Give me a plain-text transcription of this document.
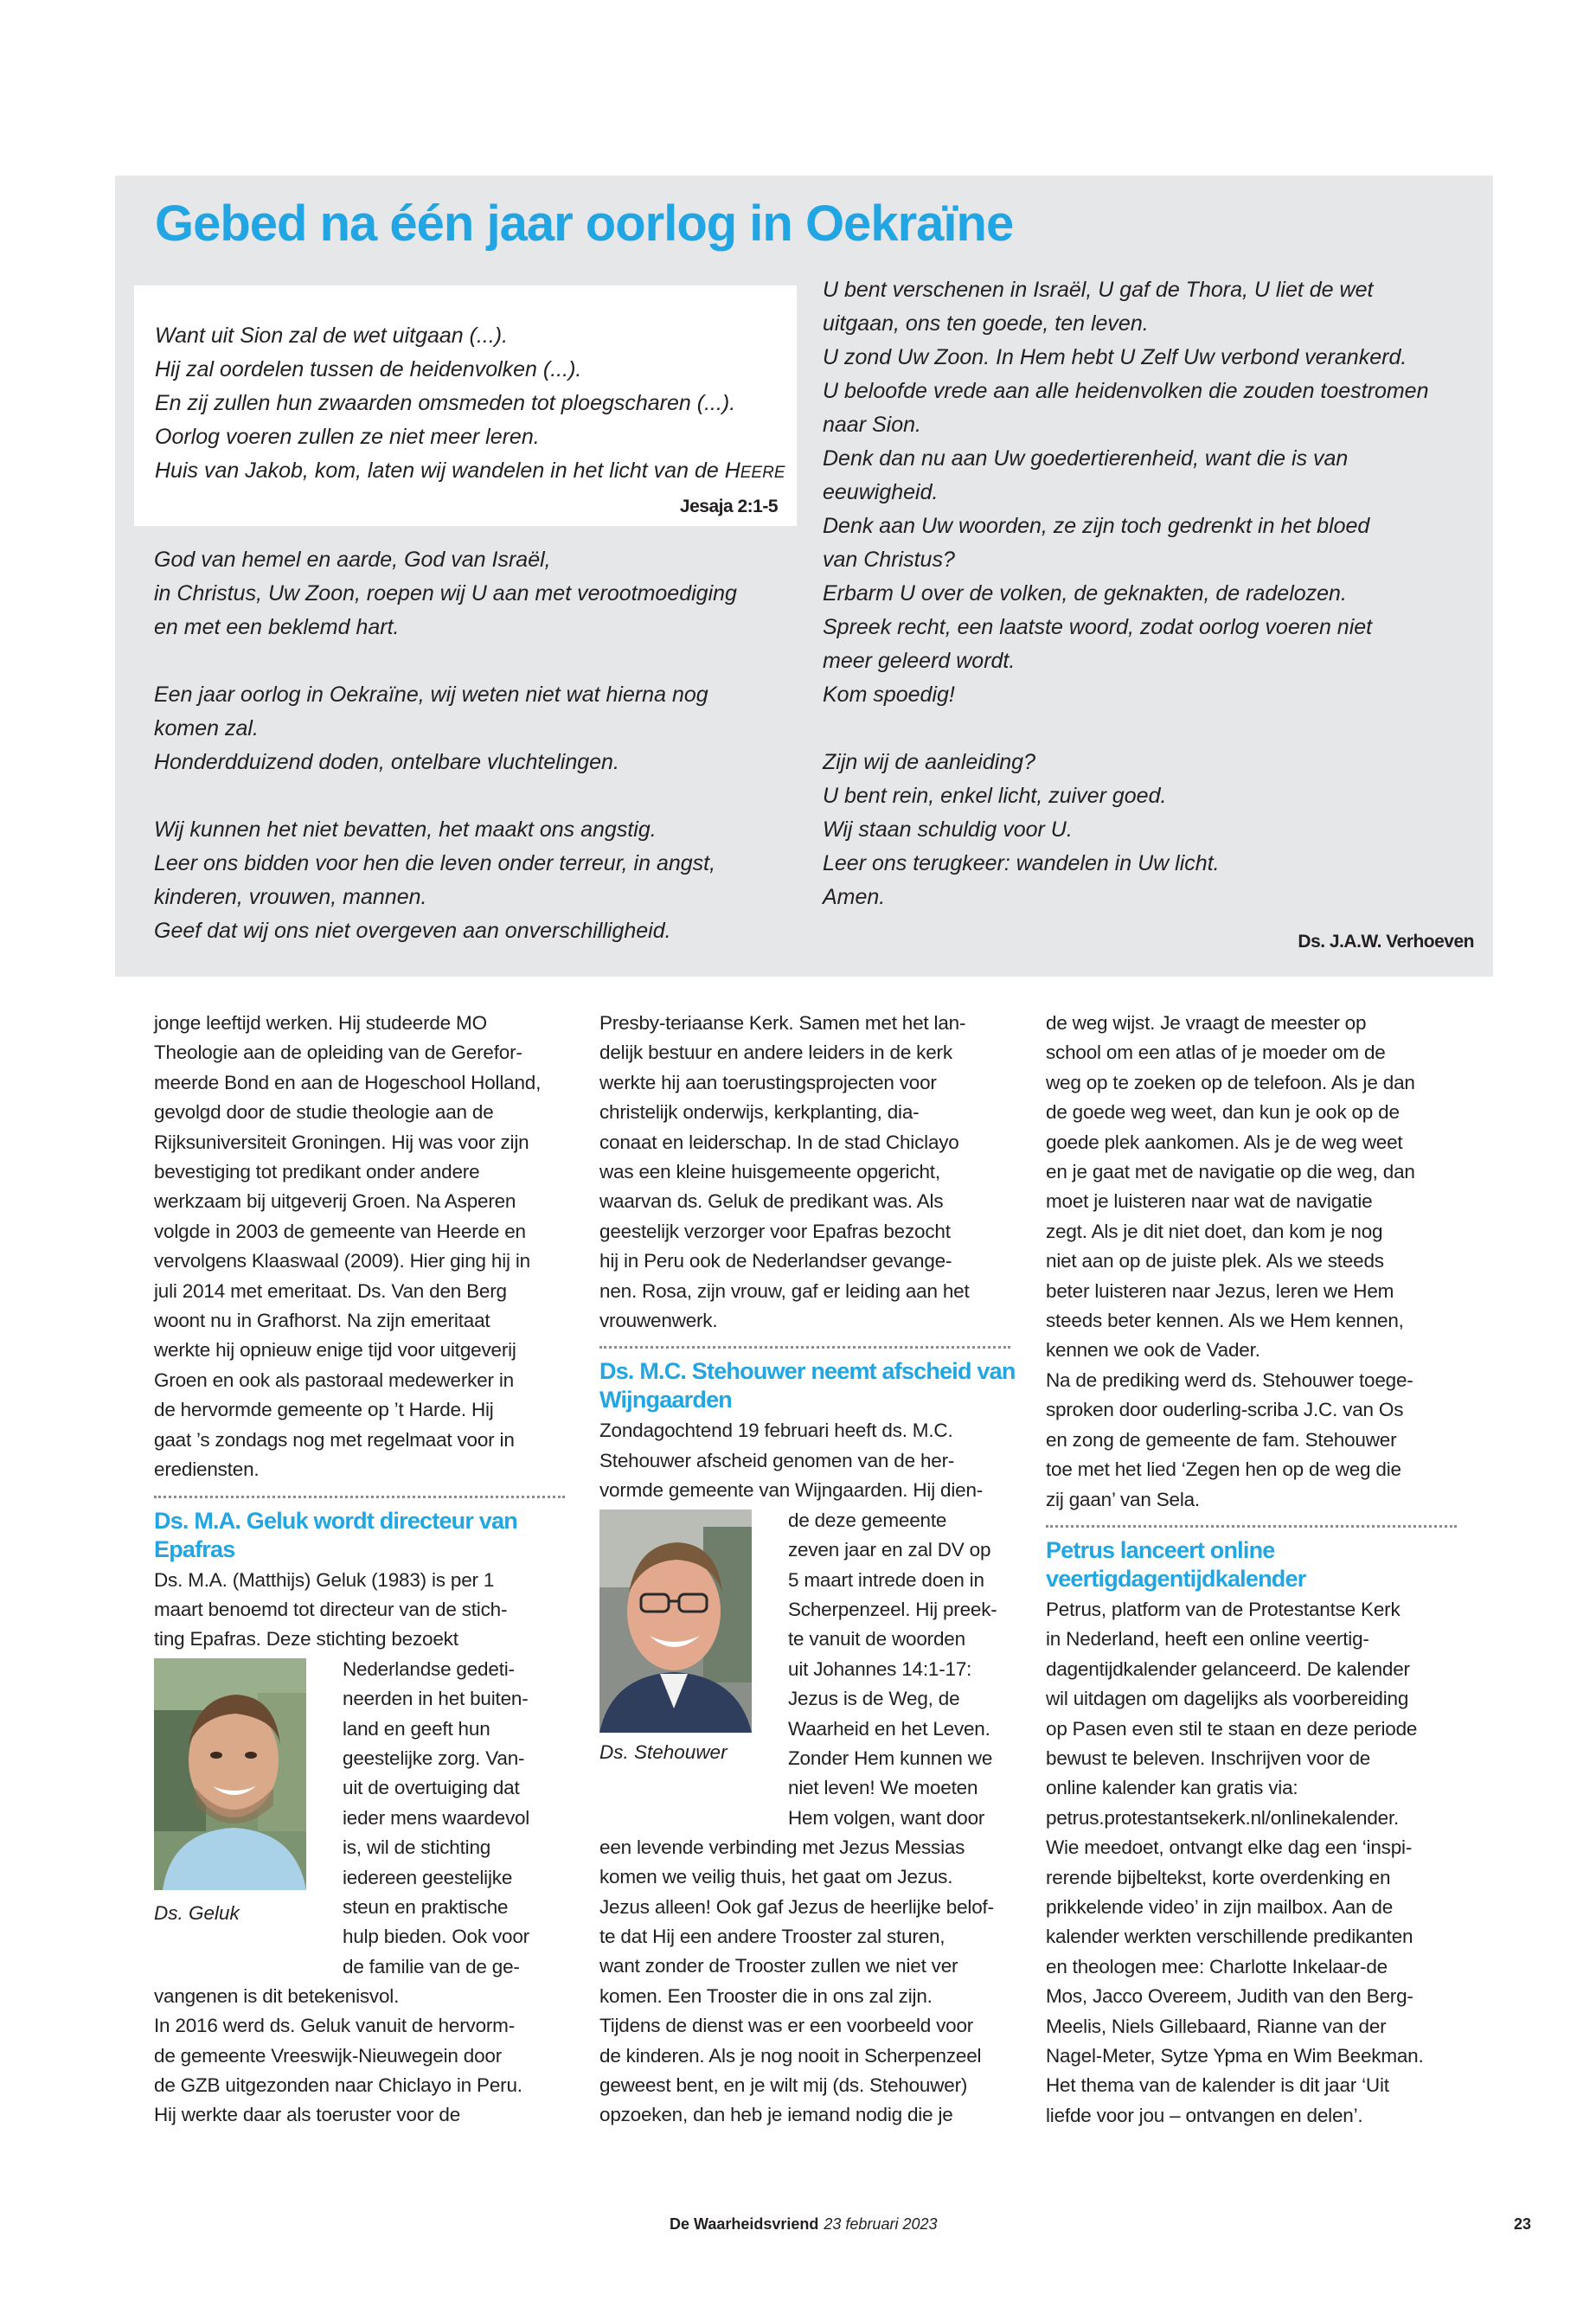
Gebed na één jaar oorlog in Oekraïne
Want uit Sion zal de wet uitgaan (...).
Hij zal oordelen tussen de heidenvolken (...).
En zij zullen hun zwaarden omsmeden tot ploegscharen (...).
Oorlog voeren zullen ze niet meer leren.
Huis van Jakob, kom, laten wij wandelen in het licht van de HEERE
Jesaja 2:1-5
God van hemel en aarde, God van Israël,
in Christus, Uw Zoon, roepen wij U aan met verootmoediging
en met een beklemd hart.
Een jaar oorlog in Oekraïne, wij weten niet wat hierna nog
komen zal.
Honderdduizend doden, ontelbare vluchtelingen.
Wij kunnen het niet bevatten, het maakt ons angstig.
Leer ons bidden voor hen die leven onder terreur, in angst,
kinderen, vrouwen, mannen.
Geef dat wij ons niet overgeven aan onverschilligheid.
U bent verschenen in Israël, U gaf de Thora, U liet de wet
uitgaan, ons ten goede, ten leven.
U zond Uw Zoon. In Hem hebt U Zelf Uw verbond verankerd.
U beloofde vrede aan alle heidenvolken die zouden toestromen
naar Sion.
Denk dan nu aan Uw goedertierenheid, want die is van
eeuwigheid.
Denk aan Uw woorden, ze zijn toch gedrenkt in het bloed
van Christus?
Erbarm U over de volken, de geknakten, de radelozen.
Spreek recht, een laatste woord, zodat oorlog voeren niet
meer geleerd wordt.
Kom spoedig!
Zijn wij de aanleiding?
U bent rein, enkel licht, zuiver goed.
Wij staan schuldig voor U.
Leer ons terugkeer: wandelen in Uw licht.
Amen.
Ds. J.A.W. Verhoeven

jonge leeftijd werken. Hij studeerde MO
Theologie aan de opleiding van de Gerefor-
meerde Bond en aan de Hogeschool Holland,
gevolgd door de studie theologie aan de
Rijksuniversiteit Groningen. Hij was voor zijn
bevestiging tot predikant onder andere
werkzaam bij uitgeverij Groen. Na Asperen
volgde in 2003 de gemeente van Heerde en
vervolgens Klaaswaal (2009). Hier ging hij in
juli 2014 met emeritaat. Ds. Van den Berg
woont nu in Grafhorst. Na zijn emeritaat
werkte hij opnieuw enige tijd voor uitgeverij
Groen en ook als pastoraal medewerker in
de hervormde gemeente op ’t Harde. Hij
gaat ’s zondags nog met regelmaat voor in
erediensten.

Ds. M.A. Geluk wordt directeur van
Epafras

Ds. M.A. (Matthijs) Geluk (1983) is per 1
maart benoemd tot directeur van de stich-
ting Epafras. Deze stichting bezoekt

Ds. Geluk

Nederlandse gedeti-
neerden in het buiten-
land en geeft hun
geestelijke zorg. Van-
uit de overtuiging dat
ieder mens waardevol
is, wil de stichting
iedereen geestelijke
steun en praktische
hulp bieden. Ook voor
de familie van de ge-

vangenen is dit betekenisvol.
In 2016 werd ds. Geluk vanuit de hervorm-
de gemeente Vreeswijk-Nieuwegein door
de GZB uitgezonden naar Chiclayo in Peru.
Hij werkte daar als toeruster voor de

Presby-teriaanse Kerk. Samen met het lan-
delijk bestuur en andere leiders in de kerk
werkte hij aan toerustingsprojecten voor
christelijk onderwijs, kerkplanting, dia-
conaat en leiderschap. In de stad Chiclayo
was een kleine huisgemeente opgericht,
waarvan ds. Geluk de predikant was. Als
geestelijk verzorger voor Epafras bezocht
hij in Peru ook de Nederlandser gevange-
nen. Rosa, zijn vrouw, gaf er leiding aan het
vrouwenwerk.

Ds. M.C. Stehouwer neemt afscheid van
Wijngaarden

Zondagochtend 19 februari heeft ds. M.C.
Stehouwer afscheid genomen van de her-
vormde gemeente van Wijngaarden. Hij dien-

Ds. Stehouwer

de deze gemeente
zeven jaar en zal DV op
5 maart intrede doen in
Scherpenzeel. Hij preek-
te vanuit de woorden
uit Johannes 14:1-17:
Jezus is de Weg, de
Waarheid en het Leven.
Zonder Hem kunnen we
niet leven! We moeten
Hem volgen, want door

een levende verbinding met Jezus Messias
komen we veilig thuis, het gaat om Jezus.
Jezus alleen! Ook gaf Jezus de heerlijke belof-
te dat Hij een andere Trooster zal sturen,
want zonder de Trooster zullen we niet ver
komen. Een Trooster die in ons zal zijn.
Tijdens de dienst was er een voorbeeld voor
de kinderen. Als je nog nooit in Scherpenzeel
geweest bent, en je wilt mij (ds. Stehouwer)
opzoeken, dan heb je iemand nodig die je

de weg wijst. Je vraagt de meester op
school om een atlas of je moeder om de
weg op te zoeken op de telefoon. Als je dan
de goede weg weet, dan kun je ook op de
goede plek aankomen. Als je de weg weet
en je gaat met de navigatie op die weg, dan
moet je luisteren naar wat de navigatie
zegt. Als je dit niet doet, dan kom je nog
niet aan op de juiste plek. Als we steeds
beter luisteren naar Jezus, leren we Hem
steeds beter kennen. Als we Hem kennen,
kennen we ook de Vader.
Na de prediking werd ds. Stehouwer toege-
sproken door ouderling-scriba J.C. van Os
en zong de gemeente de fam. Stehouwer
toe met het lied ‘Zegen hen op de weg die
zij gaan’ van Sela.

Petrus lanceert online
veertigdagentijdkalender

Petrus, platform van de Protestantse Kerk
in Nederland, heeft een online veertig-
dagentijdkalender gelanceerd. De kalender
wil uitdagen om dagelijks als voorbereiding
op Pasen even stil te staan en deze periode
bewust te beleven. Inschrijven voor de
online kalender kan gratis via:
petrus.protestantsekerk.nl/onlinekalender.
Wie meedoet, ontvangt elke dag een ‘inspi-
rerende bijbeltekst, korte overdenking en
prikkelende video’ in zijn mailbox. Aan de
kalender werkten verschillende predikanten
en theologen mee: Charlotte Inkelaar-de
Mos, Jacco Overeem, Judith van den Berg-
Meelis, Niels Gillebaard, Rianne van der
Nagel-Meter, Sytze Ypma en Wim Beekman.
Het thema van de kalender is dit jaar ‘Uit
liefde voor jou – ontvangen en delen’.

De Waarheidsvriend 23 februari 2023	23
